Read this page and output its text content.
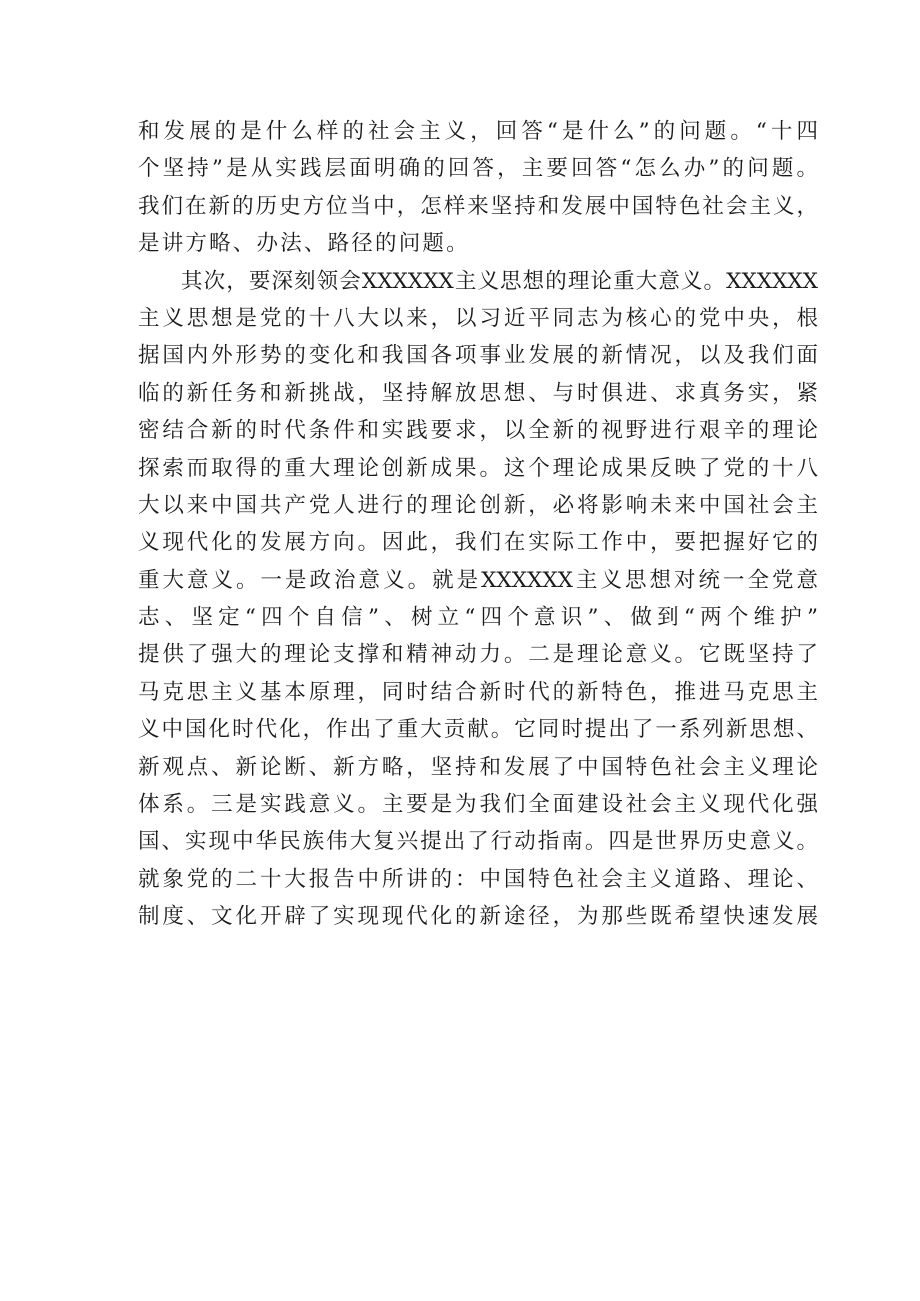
和发展的是什么样的社会主义，回答“是什么”的问题。“十四
个坚持”是从实践层面明确的回答，主要回答“怎么办”的问题。
我们在新的历史方位当中，怎样来坚持和发展中国特色社会主义，
是讲方略、办法、路径的问题。
其次，要深刻领会XXXXXX主义思想的理论重大意义。XXXXXX
主义思想是党的十八大以来，以习近平同志为核心的党中央，根
据国内外形势的变化和我国各项事业发展的新情况，以及我们面
临的新任务和新挑战，坚持解放思想、与时俱进、求真务实，紧
密结合新的时代条件和实践要求，以全新的视野进行艰辛的理论
探索而取得的重大理论创新成果。这个理论成果反映了党的十八
大以来中国共产党人进行的理论创新，必将影响未来中国社会主
义现代化的发展方向。因此，我们在实际工作中，要把握好它的
重大意义。一是政治意义。就是XXXXXX主义思想对统一全党意
志、坚定“四个自信”、树立“四个意识”、做到“两个维护”
提供了强大的理论支撑和精神动力。二是理论意义。它既坚持了
马克思主义基本原理，同时结合新时代的新特色，推进马克思主
义中国化时代化，作出了重大贡献。它同时提出了一系列新思想、
新观点、新论断、新方略，坚持和发展了中国特色社会主义理论
体系。三是实践意义。主要是为我们全面建设社会主义现代化强
国、实现中华民族伟大复兴提出了行动指南。四是世界历史意义。
就象党的二十大报告中所讲的：中国特色社会主义道路、理论、
制度、文化开辟了实现现代化的新途径，为那些既希望快速发展
